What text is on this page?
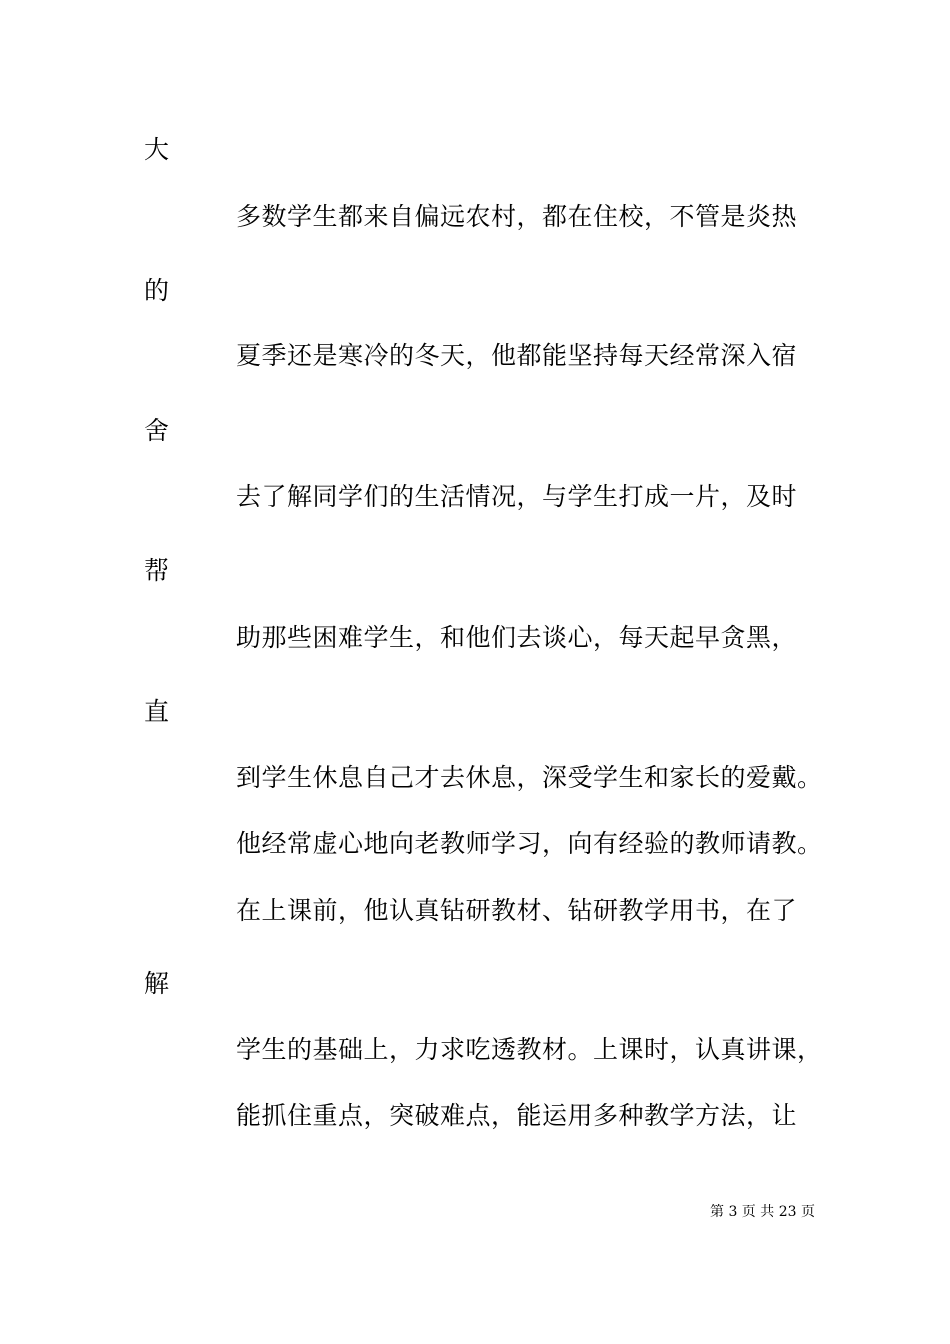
大
多数学生都来自偏远农村，都在住校，不管是炎热
的
夏季还是寒冷的冬天，他都能坚持每天经常深入宿
舍
去了解同学们的生活情况，与学生打成一片，及时
帮
助那些困难学生，和他们去谈心，每天起早贪黑，
直
到学生休息自己才去休息，深受学生和家长的爱戴。
他经常虚心地向老教师学习，向有经验的教师请教。
在上课前，他认真钻研教材、钻研教学用书，在了
解
学生的基础上，力求吃透教材。上课时，认真讲课，
能抓住重点，突破难点，能运用多种教学方法，让
第 3 页 共 23 页
